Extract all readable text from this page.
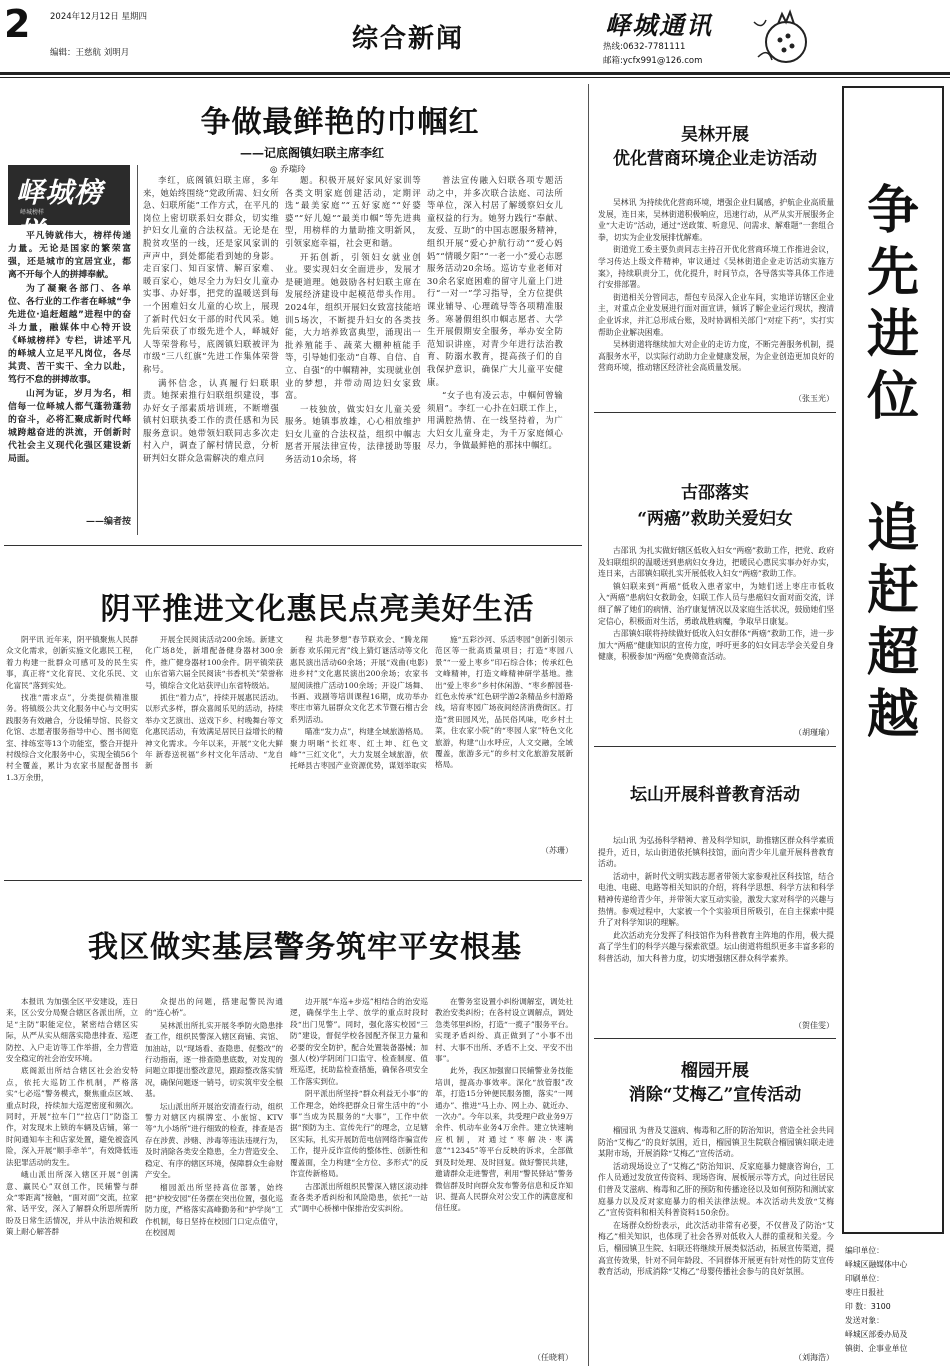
2 2024年12月12日 星期四
编辑：王慈航 刘明月	综合新闻	峄城通讯
热线:0632-7781111
邮箱:ycfx991@126.com
争做最鲜艳的巾帼红
——记底阁镇妇联主席李红
◎ 乔瑞玲
峄城榜样
峄城榜样

平凡铸就伟大，榜样传递力量。无论是国家的繁荣富强，还是城市的宜居宜业，都离不开每个人的拼搏奉献。

为了凝聚各部门、各单位、各行业的工作者在峄城“争先进位·追赶超越”进程中的奋斗力量，融媒体中心特开设《峄城榜样》专栏，讲述平凡的峄城人立足平凡岗位，各尽其责、苦干实干、全力以赴，笃行不怠的拼搏故事。

山河为证，岁月为名，相信每一位峄城人都气蓬勃蓬勃的奋斗，必将汇聚成新时代峄城跨越奋进的洪流，开创新时代社会主义现代化强区建设新局面。

——编者按

李红，底阁镇妇联主席，多年来，她始终围绕“党政所需、妇女所急、妇联所能”工作方式，在平凡的岗位上密切联系妇女群众，切实维护妇女儿童的合法权益。无论是在脱贫攻坚的一线，还是家风家训的声声中，到处都能看到她的身影。走百家门、知百家情、解百家难、暖百家心，她尽全力为妇女儿童办实事、办好事，把党的温暖送到每一个困难妇女儿童的心坎上，展现了新时代妇女干部的时代风采。她先后荣获了市级先进个人，峄城好人等荣誉称号，底阁镇妇联被评为市级“三八红旗”先进工作集体荣誉称号。

满怀信念，认真履行妇联职责。她探索推行妇联组织建设，事办好女子部素质培训班，不断增强镇村妇联执委工作的责任感和为民服务意识。她带领妇联同志多次走村入户，调查了解村情民意，分析研判妇女群众急需解决的难点问

题。积极开展好家风好家训等各类文明家庭创建活动，定期评选“最美家庭”“五好家庭”“好婆婆”“好儿媳”“最美巾帼”等先进典型，用榜样的力量助推文明新风，引领家庭幸福，社会更和谐。

开拓创新，引领妇女就业创业。要实现妇女全面进步，发展才是硬道理。她鼓励各村妇联主席在发展经济建设中起模范带头作用。2024年，组织开展妇女致富技能培训5场次，不断提升妇女的各类技能，大力培养致富典型，涌现出一批养殖能手、蔬菜大棚种植能手等，引导她们张动“自尊、自信、自立、自强”的中帼精神，实现就业创业的梦想，并带动周边妇女家致富。

一枝独放，做实妇女儿童关爱服务。她镇事放雄，心心相放维护妇女儿童的合法权益，组织中帼志愿者开展法律宣传，法律援助等服务活动10余场，将

普法宣传融入妇联各项专题活动之中，并多次联合法庭、司法所等单位，深入村居了解缓察妇女儿童权益的行为。她努力践行“奉献、友爱、互助”的中国志愿服务精神，组织开展“爱心护航行动”“爱心妈妈”“情暖夕阳”“一老一小”爱心志愿服务活动20余场。巡访专业老师对30余名家庭困难的留守儿童上门进行“一对一”学习指导，全方位提供课业辅导、心理疏导等各项精准服务。寒暑假组织巾帼志愿者、大学生开展假期安全服务，举办安全防范知识讲座，对青少年进行法治教育、防溺水教育，提高孩子们的自我保护意识，确保广大儿童平安健康。

“女子也有凌云志，中帼何曾输须眉”。李红一心扑在妇联工作上，用满腔热情、在一线坚持着，为广大妇女儿童身走，为千万家庭倾心尽力，争做最鲜艳的那抹中帼红。

阴平推进文化惠民点亮美好生活

阴平讯 近年来，阴平镇聚焦人民群众文化需求，创新实施文化惠民工程，着力构建一批群众可感可及的民生实事，真正将“文化育民、文化乐民、文化富民”落到实处。

找准“需求点”，分类提供精准服务。将镇级公共文化服务中心与文明实践服务有效融合，分设辅导馆、民俗文化馆、志愿者服务指导中心、图书阅览室、排练室等13个功能室，整合开提升村级综合文化服务中心，实现全镇56个村全覆盖，累计为农家书屋配备图书1.3万余册，

开展全民阅读活动200余场。新建文化广场8处，新增配备健身器材300余件，推广健身器材100余件。阴平镇荣获山东省第六届全民阅读“书香机关”荣誉称号，镇综合文化站获评山东省特级站。

抓住“着力点”，持续开展惠民活动。以形式多样，群众喜闻乐见的活动，持续举办文艺演出、送戏下乡、村晚舞台等文化惠民活动，有效满足居民日益增长的精神文化需求。今年以来，开展“文化大鲜年 新春送祝福”乡村文化年活动、“龙自新

程 共赴梦想”春节联欢会、“腾龙闹新春 欢乐闹元宵”线上猜灯谜活动等文化惠民演出活动60余场；开展“戏曲(电影)进乡村”文化惠民演出200余场；农家书屋阅读推广活动100余场；开设广场舞、书画、戏剧等培训课程16期，成功举办枣庄市第九届群众文化艺术节暨石榴古会系列活动。

瞄准“发力点”，构建全域旅游格局。聚力明晰“长红枣、红土坤、红色文峰”“三红文化”，大力发展全域旅游，依托峄县古枣园产业资源优势，谋划举取实

施“五彩沙河、乐活枣园”创新引领示范区等一批高质量项目；打造“枣园八景”“一爱上枣乡”印石综合体；传承红色文峰精神，打造文峰精神研学基地。推出“爱上枣乡”乡村休闲游、“枣乡醉园巷·红色永传承”红色研学游2条精品乡村游路线，培育枣园广场夜间经济消费街区。打造“赏田园风光，品民俗风味，吃乡村土菜，住农家小院”的“枣园人家”特色文化旅游，构建“山水呼应，人文交融，全域覆盖，旅游多元”的乡村文化旅游发展新格局。

（苏珊）
我区做实基层警务筑牢平安根基

本报讯 为加强全区平安建设，连日来，区公安分局聚合辖区各派出所，立足“主防”职能定位，紧密结合辖区实际，从严从实从细落实隐患排查、巡逻防控、入户走访等工作举措，全力营造安全稳定的社会治安环境。

底阁派出所结合辖区社会治安特点，依托大巡防工作机制，严格落实“七必巡”警务模式，聚焦重点区域、重点时段，持续加大巡逻密度和频次。同时，开展“拉车门”“拉店门”防盗工作，对发现未上锁的车辆及店铺，第一时间通知车主和店家处置，避免被盗风险，深入开展“顺手牵羊”，有效降低违法犯罪活动的发生。

峨山派出所深入辖区开展“创满意、赢民心”双创工作，民辅警与群众“零距离”接触，“面对面”交流，拉家常、话平安，深入了解群众所思所需所盼及日常生活情况，并从中法治规和政策上耐心解答群

众提出的问题，搭建起警民沟通的“连心桥”。

吴林派出所扎实开展冬季防火隐患排查工作，组织民警深入辖区商铺、宾馆、加油站，以“现场看、查隐患、促整改”的行动指南，逐一排查隐患底数，对发现的问题立即提出整改意见，跟踪整改落实情况，确保问题逐一销号，切实筑牢安全根基。

坛山派出所开展治安清查行动，组织警力对辖区内棋牌室、小旅馆、KTV等“九小场所”进行细致的检查，排查是否存在涉黄、涉赌、涉毒等违法违规行为，及时消除各类安全隐患，全力营造安全、稳定、有序的辖区环境，保障群众生命财产安全。

榴园派出所坚持高位部署，始终把“护校安园”任务摆在突出位置，强化巡防力度，严格落实高峰勤务和“护学岗”工作机制，每日坚持在校园门口定点值守，在校园周

边开展“车巡+步巡”相结合的治安巡逻，确保学生上学、放学的重点时段时段“出门见警”。同时，强化落实校园“三防”建设，督促学校各园配齐保卫力量和必要的安全防护，配合处置装备器械；加强人(校)学阴闭门口监守、检查制度、值班巡逻，抚助监检查措施，确保各项安全工作落实到位。

阴平派出所坚持“群众利益无小事”的工作理念，始终把群众日常生活中的“小事”当成为民服务的“大事”，工作中依据“预防为主、宣传先行”的理念，立足辖区实际，扎实开展防范电信网络诈骗宣传工作，提升反诈宣传的整体性、创新性和覆盖面，全力构建“全方位、多形式”的反诈宣传新格局。

古邵派出所组织民警深入辖区滚动排查各类矛盾纠纷和风险隐患，依托“一站式”调中心桥梯中保排治安实纠纷。

在警务室设置小纠纷调解室，调处社教治安类纠纷；在各村设立调解点，调处急类邻里纠纷，打造“一揽子”服务平台。实现矛盾纠纷、真正做到了“小事不出村、大事不出所、矛盾不上交、平安不出事”。

此外，我区加强窗口民辅警业务技能培训，提高办事效率。深化“放管服”改革，打造15分钟便民服务圈，落实“一网通办”、推进“马上办、网上办、就近办、一次办”。今年以来，共受理户政业务9万余件、机动车业务4万余件。建立快速响应机制，对通过“枣解决·枣满意”“12345”等平台反映的诉求，全部做到及时处理、及时回复。做好警民共建，邀请群众走进警营，利用“警民驿站”警务微信群及时向群众发布警务信息和反诈知识、提高人民群众对公安工作的满意度和信任度。

（任晓莉）
吴林开展
优化营商环境企业走访活动

吴林讯 为持续优化营商环境，增强企业归属感，护航企业高质量发展，连日来，吴林街道积极响应，迅速行动，从严从实开展服务企业“大走访”活动，通过“送政策、听意见、问需求、解难题”一套组合拳，切实为企业发展排忧解难。

街道党工委主要负责同志主持召开优化营商环境工作推进会议，学习传达上级文件精神，审议通过《吴林街道企业走访活动实施方案》，持续职责分工，优化提升，时间节点，各导落实等具体工作进行安排部署。

街道相关分管同志，帮包专员深入企业车间，实地详访辖区企业主，对重点企业发展进行面对面宣讲，倾诉了解企业运行现状，搜清企业诉求，并汇总形成台账，及时协调相关部门“对症下药”，实打实帮助企业解决困难。

吴林街道将继续加大对企业的走访力度，不断完善服务机制，提高服务水平，以实际行动助力企业健康发展，为企业创造更加良好的营商环境，推动辖区经济社会高质量发展。

（张玉光）
古邵落实
“两癌”救助关爱妇女

古邵讯 为扎实做好辖区低收入妇女“两癌”救助工作，把党、政府及妇联组织的温暖送到患病妇女身边，把暖民心惠民实事办好办实，连日来，古邵镇妇联扎实开展低收入妇女“两癌”救助工作。

镇妇联来到“两癌”低收入患者家中，为她们送上枣庄市低收入“两癌”患病妇女救助金，妇联工作人员与患癌妇女面对面交流，详细了解了她们的病情、治疗康复情况以及家庭生活状况，鼓励她们坚定信心，积极面对生活，勇敢战胜病魔，争取早日康复。

古邵镇妇联将持续做好低收入妇女群体“两癌”救助工作，进一步加大“两癌”健康知识的宣传力度，呼吁更多的妇女同志学会关爱自身健康，积极参加“两癌”免费筛查活动。

（胡瑾瑜）
坛山开展科普教育活动

坛山讯 为弘扬科学精神、普及科学知识，助推辖区群众科学素质提升，近日，坛山街道依托镇科技馆，面向青少年儿童开展科普教育活动。

活动中，新时代文明实践志愿者带领大家参观社区科技馆，结合电池、电磁、电路等相关知识的介绍，将科学思想、科学方法和科学精神传递给青少年，并带领大家互动实验，激发大家对科学的兴趣与热情。参观过程中，大家被一个个实验项目所吸引，在自主探索中提升了对科学知识的理解。

此次活动充分发挥了科技馆作为科普教育主阵地的作用，极大提高了学生们的科学兴趣与探索欲望。坛山街道将组织更多丰富多彩的科普活动，加大科普力度，切实增强辖区群众科学素养。

（贺佳雯）
榴园开展
消除“艾梅乙”宣传活动

榴园讯 为普及艾滋病、梅毒和乙肝的防治知识，营造全社会共同防治“艾梅乙”的良好氛围，近日，榴园镇卫生院联合榴园镇妇联走进某附市场，开展消除“艾梅乙”宣传活动。

活动现场设立了“艾梅乙”防治知识、反家庭暴力健康咨询台，工作人员通过发放宣传资料、现场咨询、展板展示等方式，向过往居民们普及艾滋病、梅毒和乙肝的预防和传播途径以及如何预防和测试家庭暴力以及反对家庭暴力的相关法律法规。本次活动共发放“艾梅乙”宣传资料和相关科普资料150余份。

在场群众纷纷表示，此次活动非常有必要，不仅普及了防治“艾梅乙”相关知识，也体现了社会各界对低收入人群的重视和关爱。今后，榴园镇卫生院、妇联还将继续开展类似活动，拓展宣传渠道，提高宣传效果，针对不同年龄段、不同群体开展更有针对性的防艾宣传教育活动，形成消除“艾梅乙”母婴传播社会参与的良好氛围。

（刘海浩）
争
先
进
位
追
赶
超
越
编印单位：
峄城区融媒体中心
印刷单位：
枣庄日报社
印 数：3100
发送对象：
峄城区部委办局及
镇街、企事业单位
